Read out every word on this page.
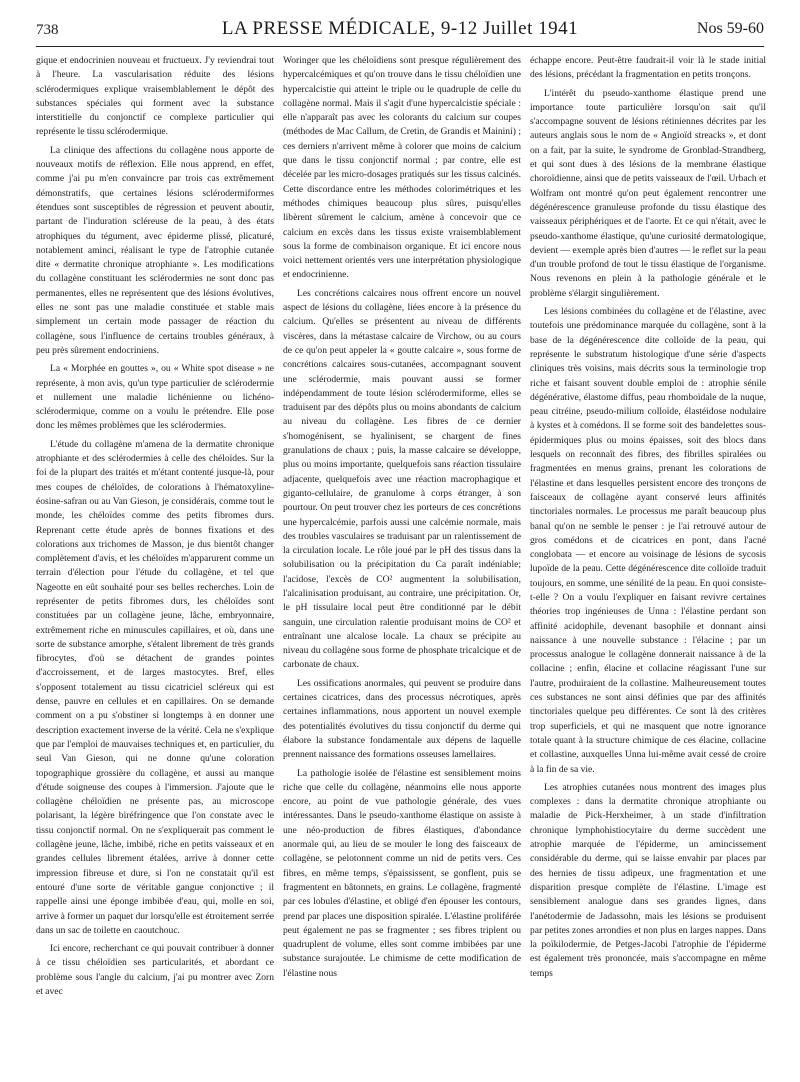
738	LA PRESSE MÉDICALE, 9-12 Juillet 1941	Nos 59-60

gique et endocrinien nouveau et fructueux. J'y reviendrai tout à l'heure. La vascularisation réduite des lésions sclérodermiques explique vraisemblablement le dépôt des substances spéciales qui forment avec la substance interstitielle du conjonctif ce complexe particulier qui représente le tissu sclérodermique.

La clinique des affections du collagène nous apporte de nouveaux motifs de réflexion. Elle nous apprend, en effet, comme j'ai pu m'en convaincre par trois cas extrêmement démonstratifs, que certaines lésions sclérodermiformes étendues sont susceptibles de régression et peuvent aboutir, partant de l'induration scléreuse de la peau, à des états atrophiques du tégument, avec épiderme plissé, plicaturé, notablement aminci, réalisant le type de l'atrophie cutanée dite « dermatite chronique atrophiante ». Les modifications du collagène constituant les sclérodermies ne sont donc pas permanentes, elles ne représentent que des lésions évolutives, elles ne sont pas une maladie constituée et stable mais simplement un certain mode passager de réaction du collagène, sous l'influence de certains troubles généraux, à peu près sûrement endocriniens.

La « Morphée en gouttes », ou « White spot disease » ne représente, à mon avis, qu'un type particulier de sclérodermie et nullement une maladie lichénienne ou lichéno-sclérodermique, comme on a voulu le prétendre. Elle pose donc les mêmes problèmes que les sclérodermies.

L'étude du collagène m'amena de la dermatite chronique atrophiante et des sclérodermies à celle des chéloïdes. Sur la foi de la plupart des traités et m'étant contenté jusque-là, pour mes coupes de chéloïdes, de colorations à l'hématoxyline-éosine-safran ou au Van Gieson, je considérais, comme tout le monde, les chéloïdes comme des petits fibromes durs. Reprenant cette étude après de bonnes fixations et des colorations aux trichomes de Masson, je dus bientôt changer complètement d'avis, et les chéloïdes m'apparurent comme un terrain d'élection pour l'étude du collagène, et tel que Nageotte en eût souhaité pour ses belles recherches. Loin de représenter de petits fibromes durs, les chéloïdes sont constituées par un collagène jeune, lâche, embryonnaire, extrêmement riche en minuscules capillaires, et où, dans une sorte de substance amorphe, s'étalent librement de très grands fibrocytes, d'où se détachent de grandes pointes d'accroissement, et de larges mastocytes. Bref, elles s'opposent totalement au tissu cicatriciel scléreux qui est dense, pauvre en cellules et en capillaires. On se demande comment on a pu s'obstiner si longtemps à en donner une description exactement inverse de la vérité. Cela ne s'explique que par l'emploi de mauvaises techniques et, en particulier, du seul Van Gieson, qui ne donne qu'une coloration topographique grossière du collagène, et aussi au manque d'étude soigneuse des coupes à l'immersion. J'ajoute que le collagène chéloïdien ne présente pas, au microscope polarisant, la légère biréfringence que l'on constate avec le tissu conjonctif normal. On ne s'expliquerait pas comment le collagène jeune, lâche, imbibé, riche en petits vaisseaux et en grandes cellules librement étalées, arrive à donner cette impression fibreuse et dure, si l'on ne constatait qu'il est entouré d'une sorte de véritable gangue conjonctive ; il rappelle ainsi une éponge imbibée d'eau, qui, molle en soi, arrive à former un paquet dur lorsqu'elle est étroitement serrée dans un sac de toilette en caoutchouc.

Ici encore, recherchant ce qui pouvait contribuer à donner à ce tissu chéloïdien ses particularités, et abordant ce problème sous l'angle du calcium, j'ai pu montrer avec Zorn et avec

Woringer que les chéloïdiens sont presque régulièrement des hypercalcémiques et qu'on trouve dans le tissu chéloïdien une hypercalcistie qui atteint le triple ou le quadruple de celle du collagène normal. Mais il s'agit d'une hypercalcistie spéciale : elle n'apparaît pas avec les colorants du calcium sur coupes (méthodes de Mac Callum, de Cretin, de Grandis et Mainini) ; ces derniers n'arrivent même à colorer que moins de calcium que dans le tissu conjonctif normal ; par contre, elle est décelée par les micro-dosages pratiqués sur les tissus calcinés. Cette discordance entre les méthodes colorimétriques et les méthodes chimiques beaucoup plus sûres, puisqu'elles libèrent sûrement le calcium, amène à concevoir que ce calcium en excès dans les tissus existe vraisemblablement sous la forme de combinaison organique. Et ici encore nous voici nettement orientés vers une interprétation physiologique et endocrinienne.

Les concrétions calcaires nous offrent encore un nouvel aspect de lésions du collagène, liées encore à la présence du calcium. Qu'elles se présentent au niveau de différents viscères, dans la métastase calcaire de Virchow, ou au cours de ce qu'on peut appeler la « goutte calcaire », sous forme de concrétions calcaires sous-cutanées, accompagnant souvent une sclérodermie, mais pouvant aussi se former indépendamment de toute lésion sclérodermiforme, elles se traduisent par des dépôts plus ou moins abondants de calcium au niveau du collagène. Les fibres de ce dernier s'homogénisent, se hyalinisent, se chargent de fines granulations de chaux ; puis, la masse calcaire se développe, plus ou moins importante, quelquefois sans réaction tissulaire adjacente, quelquefois avec une réaction macrophagique et giganto-cellulaire, de granulome à corps étranger, à son pourtour. On peut trouver chez les porteurs de ces concrétions une hypercalcémie, parfois aussi une calcémie normale, mais des troubles vasculaires se traduisant par un ralentissement de la circulation locale. Le rôle joué par le pH des tissus dans la solubilisation ou la précipitation du Ca paraît indéniable; l'acidose, l'excès de CO² augmentent la solubilisation, l'alcalinisation produisant, au contraire, une précipitation. Or, le pH tissulaire local peut être conditionné par le débit sanguin, une circulation ralentie produisant moins de CO² et entraînant une alcalose locale. La chaux se précipite au niveau du collagène sous forme de phosphate tricalcique et de carbonate de chaux.

Les ossifications anormales, qui peuvent se produire dans certaines cicatrices, dans des processus nécrotiques, après certaines inflammations, nous apportent un nouvel exemple des potentialités évolutives du tissu conjonctif du derme qui élabore la substance fondamentale aux dépens de laquelle prennent naissance des formations osseuses lamellaires.

La pathologie isolée de l'élastine est sensiblement moins riche que celle du collagène, néanmoins elle nous apporte encore, au point de vue pathologie générale, des vues intéressantes. Dans le pseudo-xanthome élastique on assiste à une néo-production de fibres élastiques, d'abondance anormale qui, au lieu de se mouler le long des faisceaux de collagène, se pelotonnent comme un nid de petits vers. Ces fibres, en même temps, s'épaississent, se gonflent, puis se fragmentent en bâtonnets, en grains. Le collagène, fragmenté par ces lobules d'élastine, et obligé d'en épouser les contours, prend par places une disposition spiralée. L'élastine proliférée peut également ne pas se fragmenter ; ses fibres triplent ou quadruplent de volume, elles sont comme imbibées par une substance surajoutée. Le chimisme de cette modification de l'élastine nous

échappe encore. Peut-être faudrait-il voir là le stade initial des lésions, précédant la fragmentation en petits tronçons.

L'intérêt du pseudo-xanthome élastique prend une importance toute particulière lorsqu'on sait qu'il s'accompagne souvent de lésions rétiniennes décrites par les auteurs anglais sous le nom de « Angioïd streacks », et dont on a fait, par la suite, le syndrome de Gronblad-Strandberg, et qui sont dues à des lésions de la membrane élastique choroïdienne, ainsi que de petits vaisseaux de l'œil. Urbach et Wolfram ont montré qu'on peut également rencontrer une dégénérescence granuleuse profonde du tissu élastique des vaisseaux périphériques et de l'aorte. Et ce qui n'était, avec le pseudo-xanthome élastique, qu'une curiosité dermatologique, devient — exemple après bien d'autres — le reflet sur la peau d'un trouble profond de tout le tissu élastique de l'organisme. Nous revenons en plein à la pathologie générale et le problème s'élargit singulièrement.

Les lésions combinées du collagène et de l'élastine, avec toutefois une prédominance marquée du collagène, sont à la base de la dégénérescence dite colloïde de la peau, qui représente le substratum histologique d'une série d'aspects cliniques très voisins, mais décrits sous la terminologie trop riche et faisant souvent double emploi de : atrophie sénile dégénérative, élastome diffus, peau rhomboïdale de la nuque, peau citréine, pseudo-milium colloïde, élastéidose nodulaire à kystes et à comédons. Il se forme soit des bandelettes sous-épidermiques plus ou moins épaisses, soit des blocs dans lesquels on reconnaît des fibres, des fibrilles spiralées ou fragmentées en menus grains, prenant les colorations de l'élastine et dans lesquelles persistent encore des tronçons de faisceaux de collagène ayant conservé leurs affinités tinctoriales normales. Le processus me paraît beaucoup plus banal qu'on ne semble le penser : je l'ai retrouvé autour de gros comédons et de cicatrices en pont, dans l'acné conglobata — et encore au voisinage de lésions de sycosis lupoïde de la peau. Cette dégénérescence dite colloïde traduit toujours, en somme, une sénilité de la peau. En quoi consiste-t-elle ? On a voulu l'expliquer en faisant revivre certaines théories trop ingénieuses de Unna : l'élastine perdant son affinité acidophile, devenant basophile et donnant ainsi naissance à une nouvelle substance : l'élacine ; par un processus analogue le collagène donnerait naissance à de la collacine ; enfin, élacine et collacine réagissant l'une sur l'autre, produiraient de la collastine. Malheureusement toutes ces substances ne sont ainsi définies que par des affinités tinctoriales quelque peu différentes. Ce sont là des critères trop superficiels, et qui ne masquent que notre ignorance totale quant à la structure chimique de ces élacine, collacine et collastine, auxquelles Unna lui-même avait cessé de croire à la fin de sa vie.

Les atrophies cutanées nous montrent des images plus complexes : dans la dermatite chronique atrophiante ou maladie de Pick-Herxheimer, à un stade d'infiltration chronique lymphohistiocytaire du derme succèdent une atrophie marquée de l'épiderme, un amincissement considérable du derme, qui se laisse envahir par places par des hernies de tissu adipeux, une fragmentation et une disparition presque complète de l'élastine. L'image est sensiblement analogue dans ses grandes lignes, dans l'anétodermie de Jadassohn, mais les lésions se produisent par petites zones arrondies et non plus en larges nappes. Dans la poïkilodermie, de Petges-Jacobi l'atrophie de l'épiderme est également très prononcée, mais s'accompagne en même temps
